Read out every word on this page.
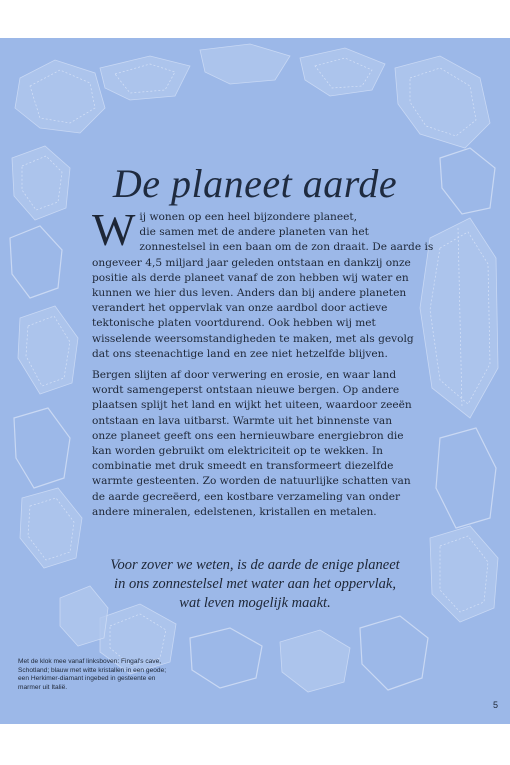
De planeet aarde

W ij wonen op een heel bijzondere planeet,
die samen met de andere planeten van het
zonnestelsel in een baan om de zon draait. De aarde is
ongeveer 4,5 miljard jaar geleden ontstaan en dankzij onze
positie als derde planeet vanaf de zon hebben wij water en
kunnen we hier dus leven. Anders dan bij andere planeten
verandert het oppervlak van onze aardbol door actieve
tektonische platen voortdurend. Ook hebben wij met
wisselende weersomstandigheden te maken, met als gevolg
dat ons steenachtige land en zee niet hetzelfde blijven.

Bergen slijten af door verwering en erosie, en waar land
wordt samengeperst ontstaan nieuwe bergen. Op andere
plaatsen splijt het land en wijkt het uiteen, waardoor zeeën
ontstaan en lava uitbarst. Warmte uit het binnenste van
onze planeet geeft ons een hernieuwbare energiebron die
kan worden gebruikt om elektriciteit op te wekken. In
combinatie met druk smeedt en transformeert diezelfde
warmte gesteenten. Zo worden de natuurlijke schatten van
de aarde gecreëerd, een kostbare verzameling van onder
andere mineralen, edelstenen, kristallen en metalen.

Voor zover we weten, is de aarde de enige planeet
in ons zonnestelsel met water aan het oppervlak,
wat leven mogelijk maakt.
Met de klok mee vanaf linksboven: Fingal's cave,
Schotland; blauw met witte kristallen in een geode;
een Herkimer-diamant ingebed in gesteente en
marmer uit Italië.
5
